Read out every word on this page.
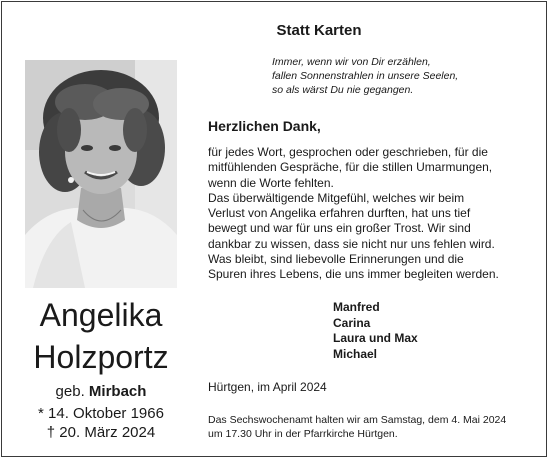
Statt Karten
Immer, wenn wir von Dir erzählen,
fallen Sonnenstrahlen in unsere Seelen,
so als wärst Du nie gegangen.
Angelika
Holzportz
geb. Mirbach
* 14. Oktober 1966
† 20. März 2024
Herzlichen Dank,
für jedes Wort, gesprochen oder geschrieben, für die
mitfühlenden Gespräche, für die stillen Umarmungen,
wenn die Worte fehlten.
Das überwältigende Mitgefühl, welches wir beim
Verlust von Angelika erfahren durften, hat uns tief
bewegt und war für uns ein großer Trost. Wir sind
dankbar zu wissen, dass sie nicht nur uns fehlen wird.
Was bleibt, sind liebevolle Erinnerungen und die
Spuren ihres Lebens, die uns immer begleiten werden.
Manfred
Carina
Laura und Max
Michael
Hürtgen, im April 2024
Das Sechswochenamt halten wir am Samstag, dem 4. Mai 2024
um 17.30 Uhr in der Pfarrkirche Hürtgen.
